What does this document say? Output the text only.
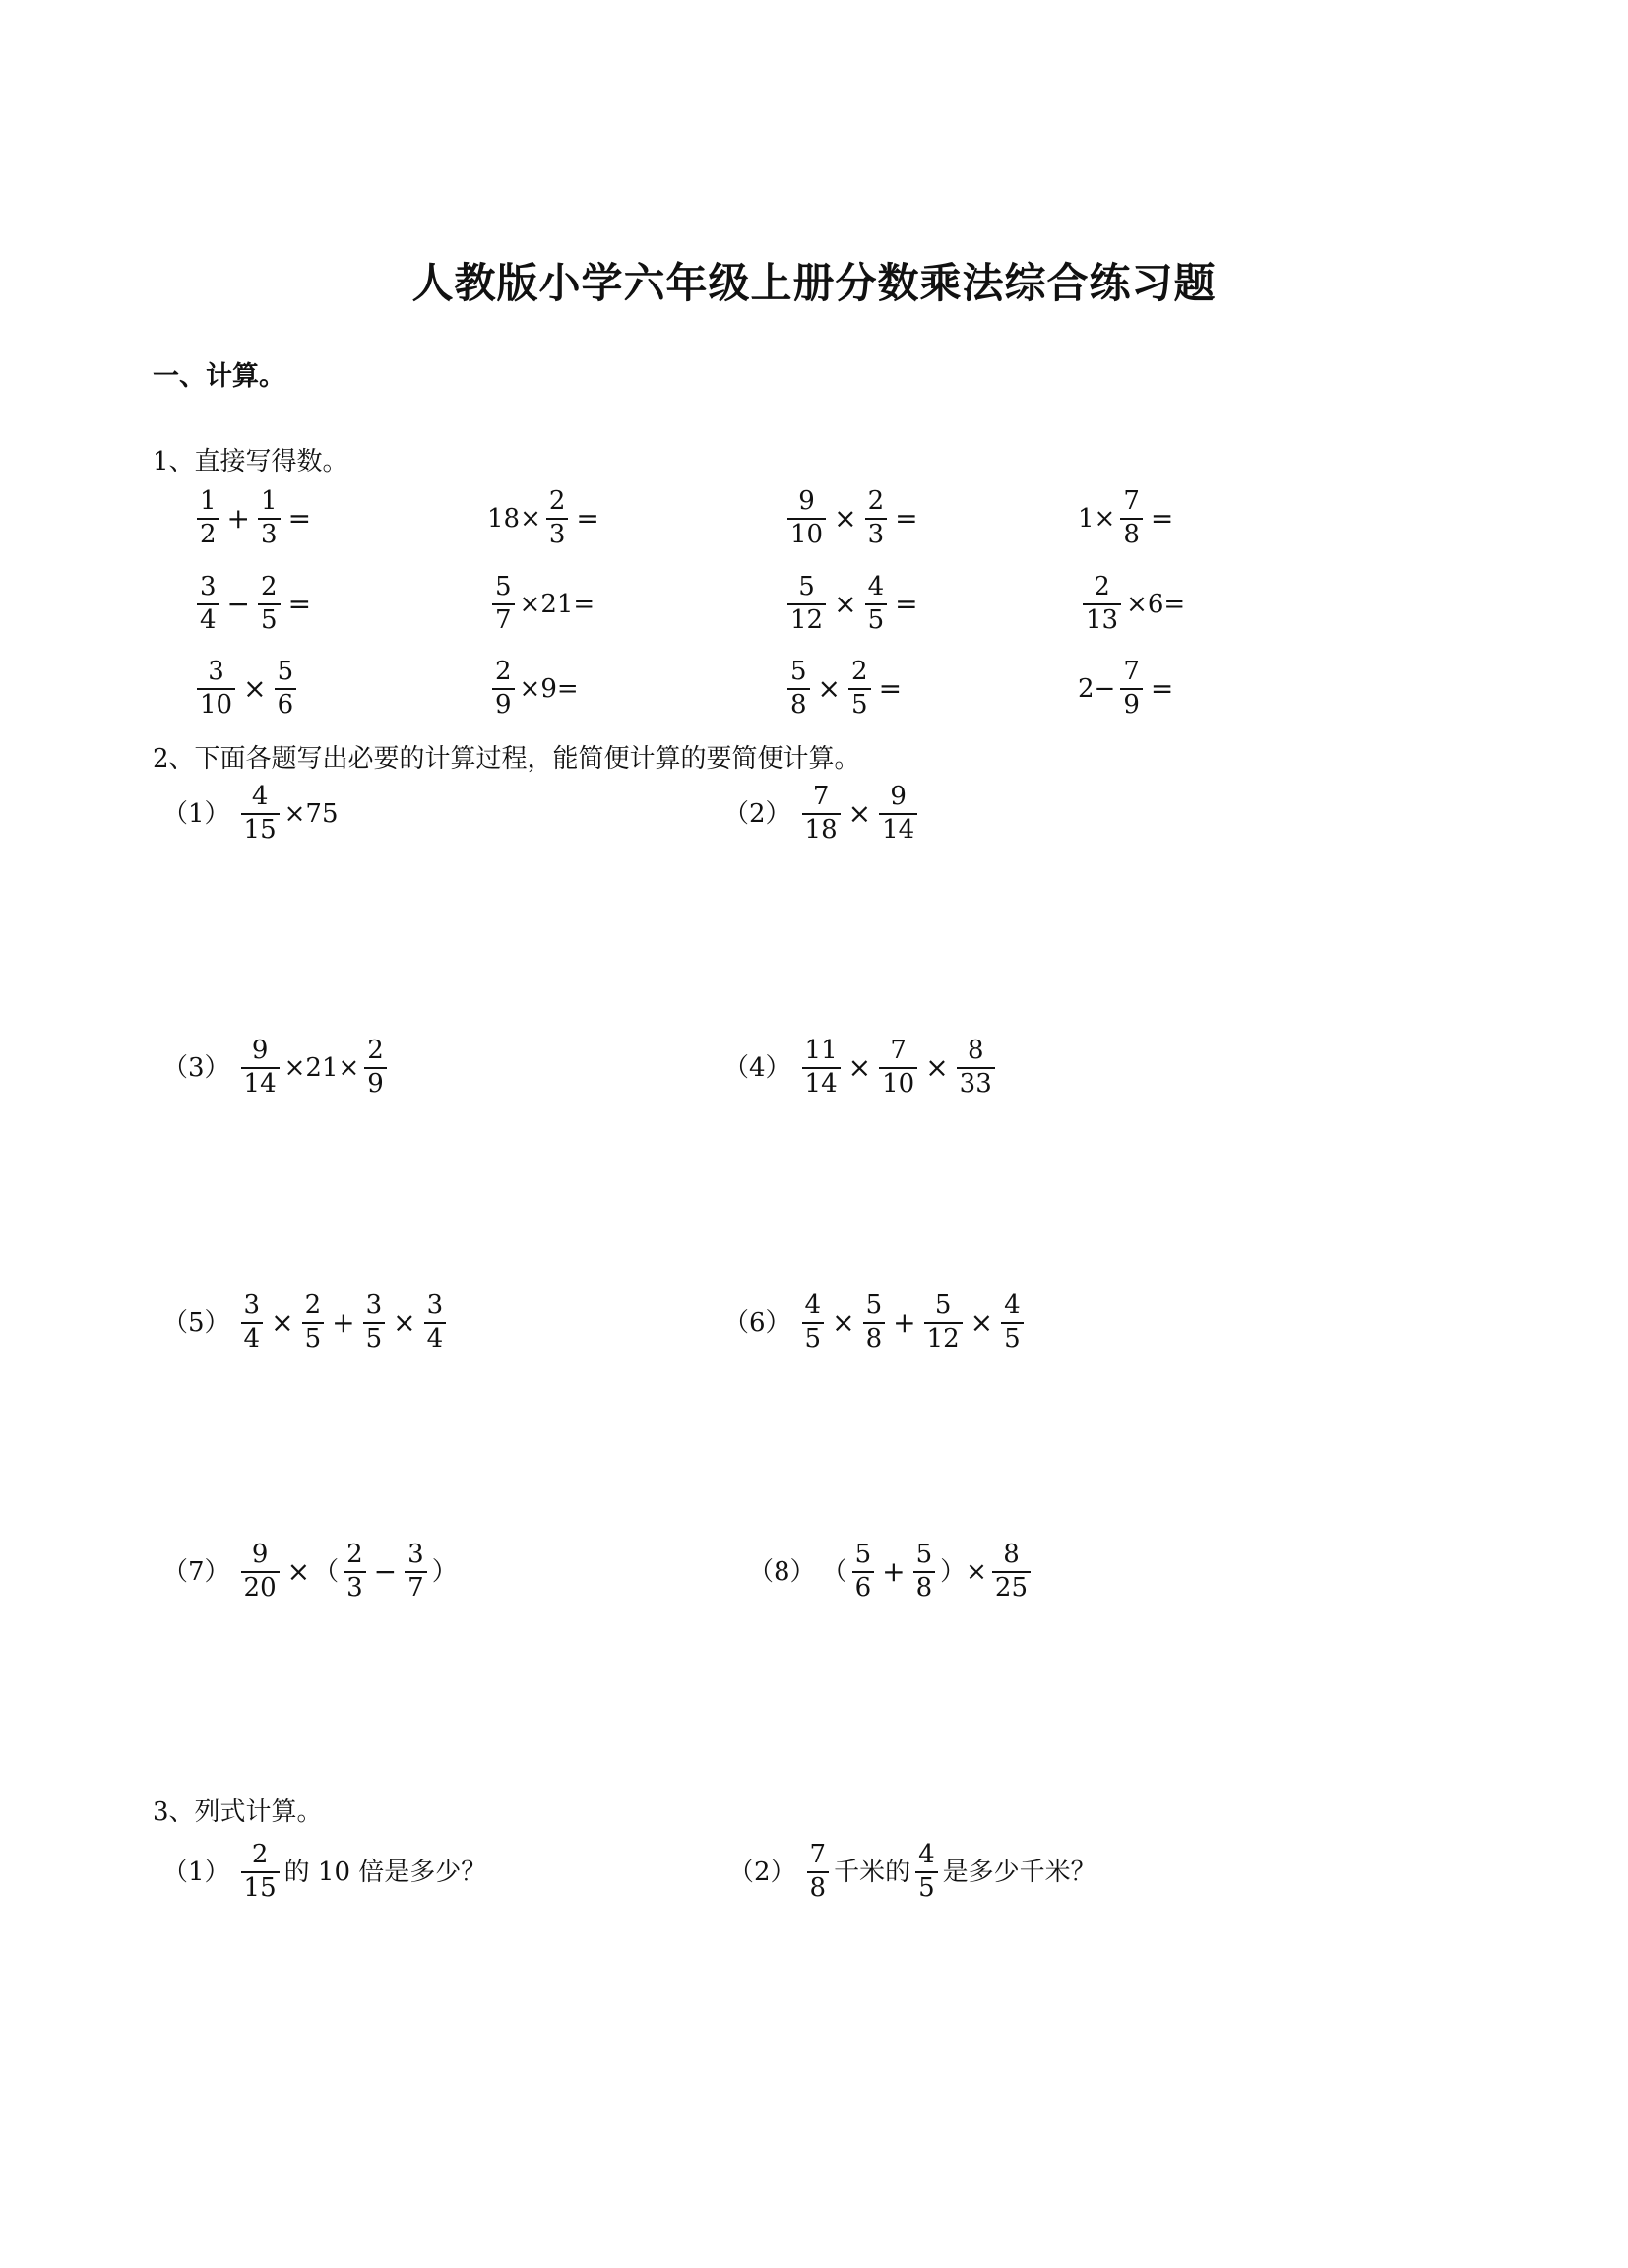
人教版小学六年级上册分数乘法综合练习题
一、计算。
1、直接写得数。
$\frac{1}{2} + \frac{1}{3}$ =	$18\times \frac{2}{3}$ =	$\frac{9}{10} \times \frac{2}{3}$ =	$1\times \frac{7}{8}$ =
$\frac{3}{4} - \frac{2}{5}$ =	$\frac{5}{7} \times 21=$	$\frac{5}{12} \times \frac{4}{5}$ =	$\frac{2}{13} \times 6=$
$\frac{3}{10} \times \frac{5}{6}$	$\frac{2}{9} \times 9=$	$\frac{5}{8} \times \frac{2}{5}$ =	$2- \frac{7}{9}$ =
2、下面各题写出必要的计算过程，能简便计算的要简便计算。
$(1) \frac{4}{15} \times 75$	$(2) \frac{7}{18} \times \frac{9}{14}$
$(3) \frac{9}{14} \times 21\times \frac{2}{9}$	$(4) \frac{11}{14} \times \frac{7}{10} \times \frac{8}{33}$
$(5) \frac{3}{4} \times \frac{2}{5} + \frac{3}{5} \times \frac{3}{4}$	$(6) \frac{4}{5} \times \frac{5}{8} + \frac{5}{12} \times \frac{4}{5}$
$(7) \frac{9}{20}$ × （ $\frac{2}{3} - \frac{3}{7}$ ）	（8） （ $\frac{5}{6} + \frac{5}{8}$ ）× $\frac{8}{25}$
3、列式计算。
$(1) \frac{2}{15}$ 的 10 倍是多少？	$(2) \frac{7}{8}$ 千米的 $\frac{4}{5}$ 是多少千米？
